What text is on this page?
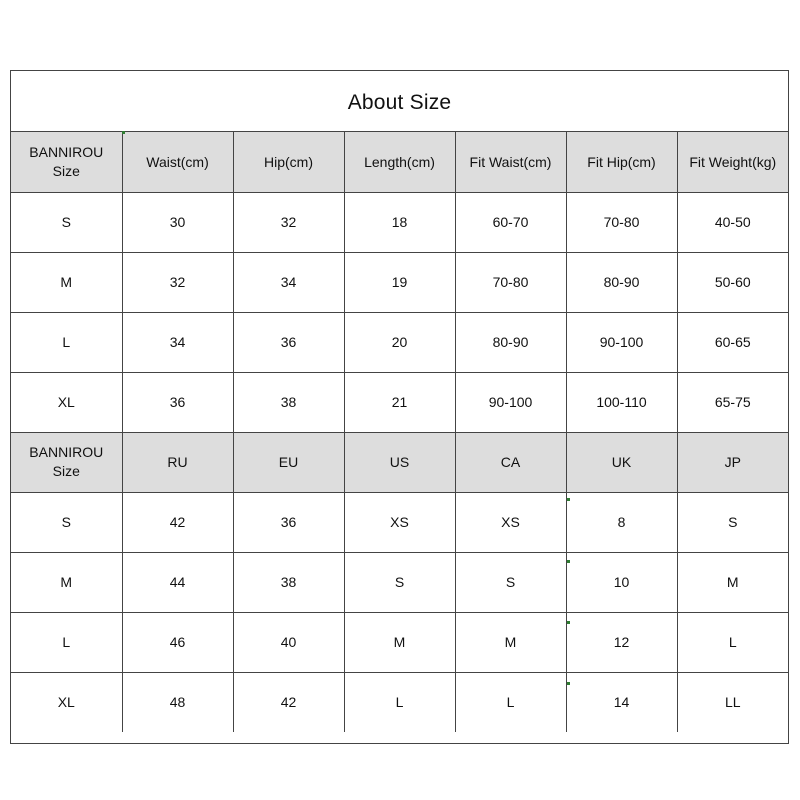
About Size
BANNIROU
Size	Waist(cm)	Hip(cm)	Length(cm)	Fit Waist(cm)	Fit Hip(cm)	Fit Weight(kg)
S	30	32	18	60-70	70-80	40-50
M	32	34	19	70-80	80-90	50-60
L	34	36	20	80-90	90-100	60-65
XL	36	38	21	90-100	100-110	65-75

BANNIROU
Size	RU	EU	US	CA	UK	JP
S	42	36	XS	XS	8	S
M	44	38	S	S	10	M
L	46	40	M	M	12	L
XL	48	42	L	L	14	LL
